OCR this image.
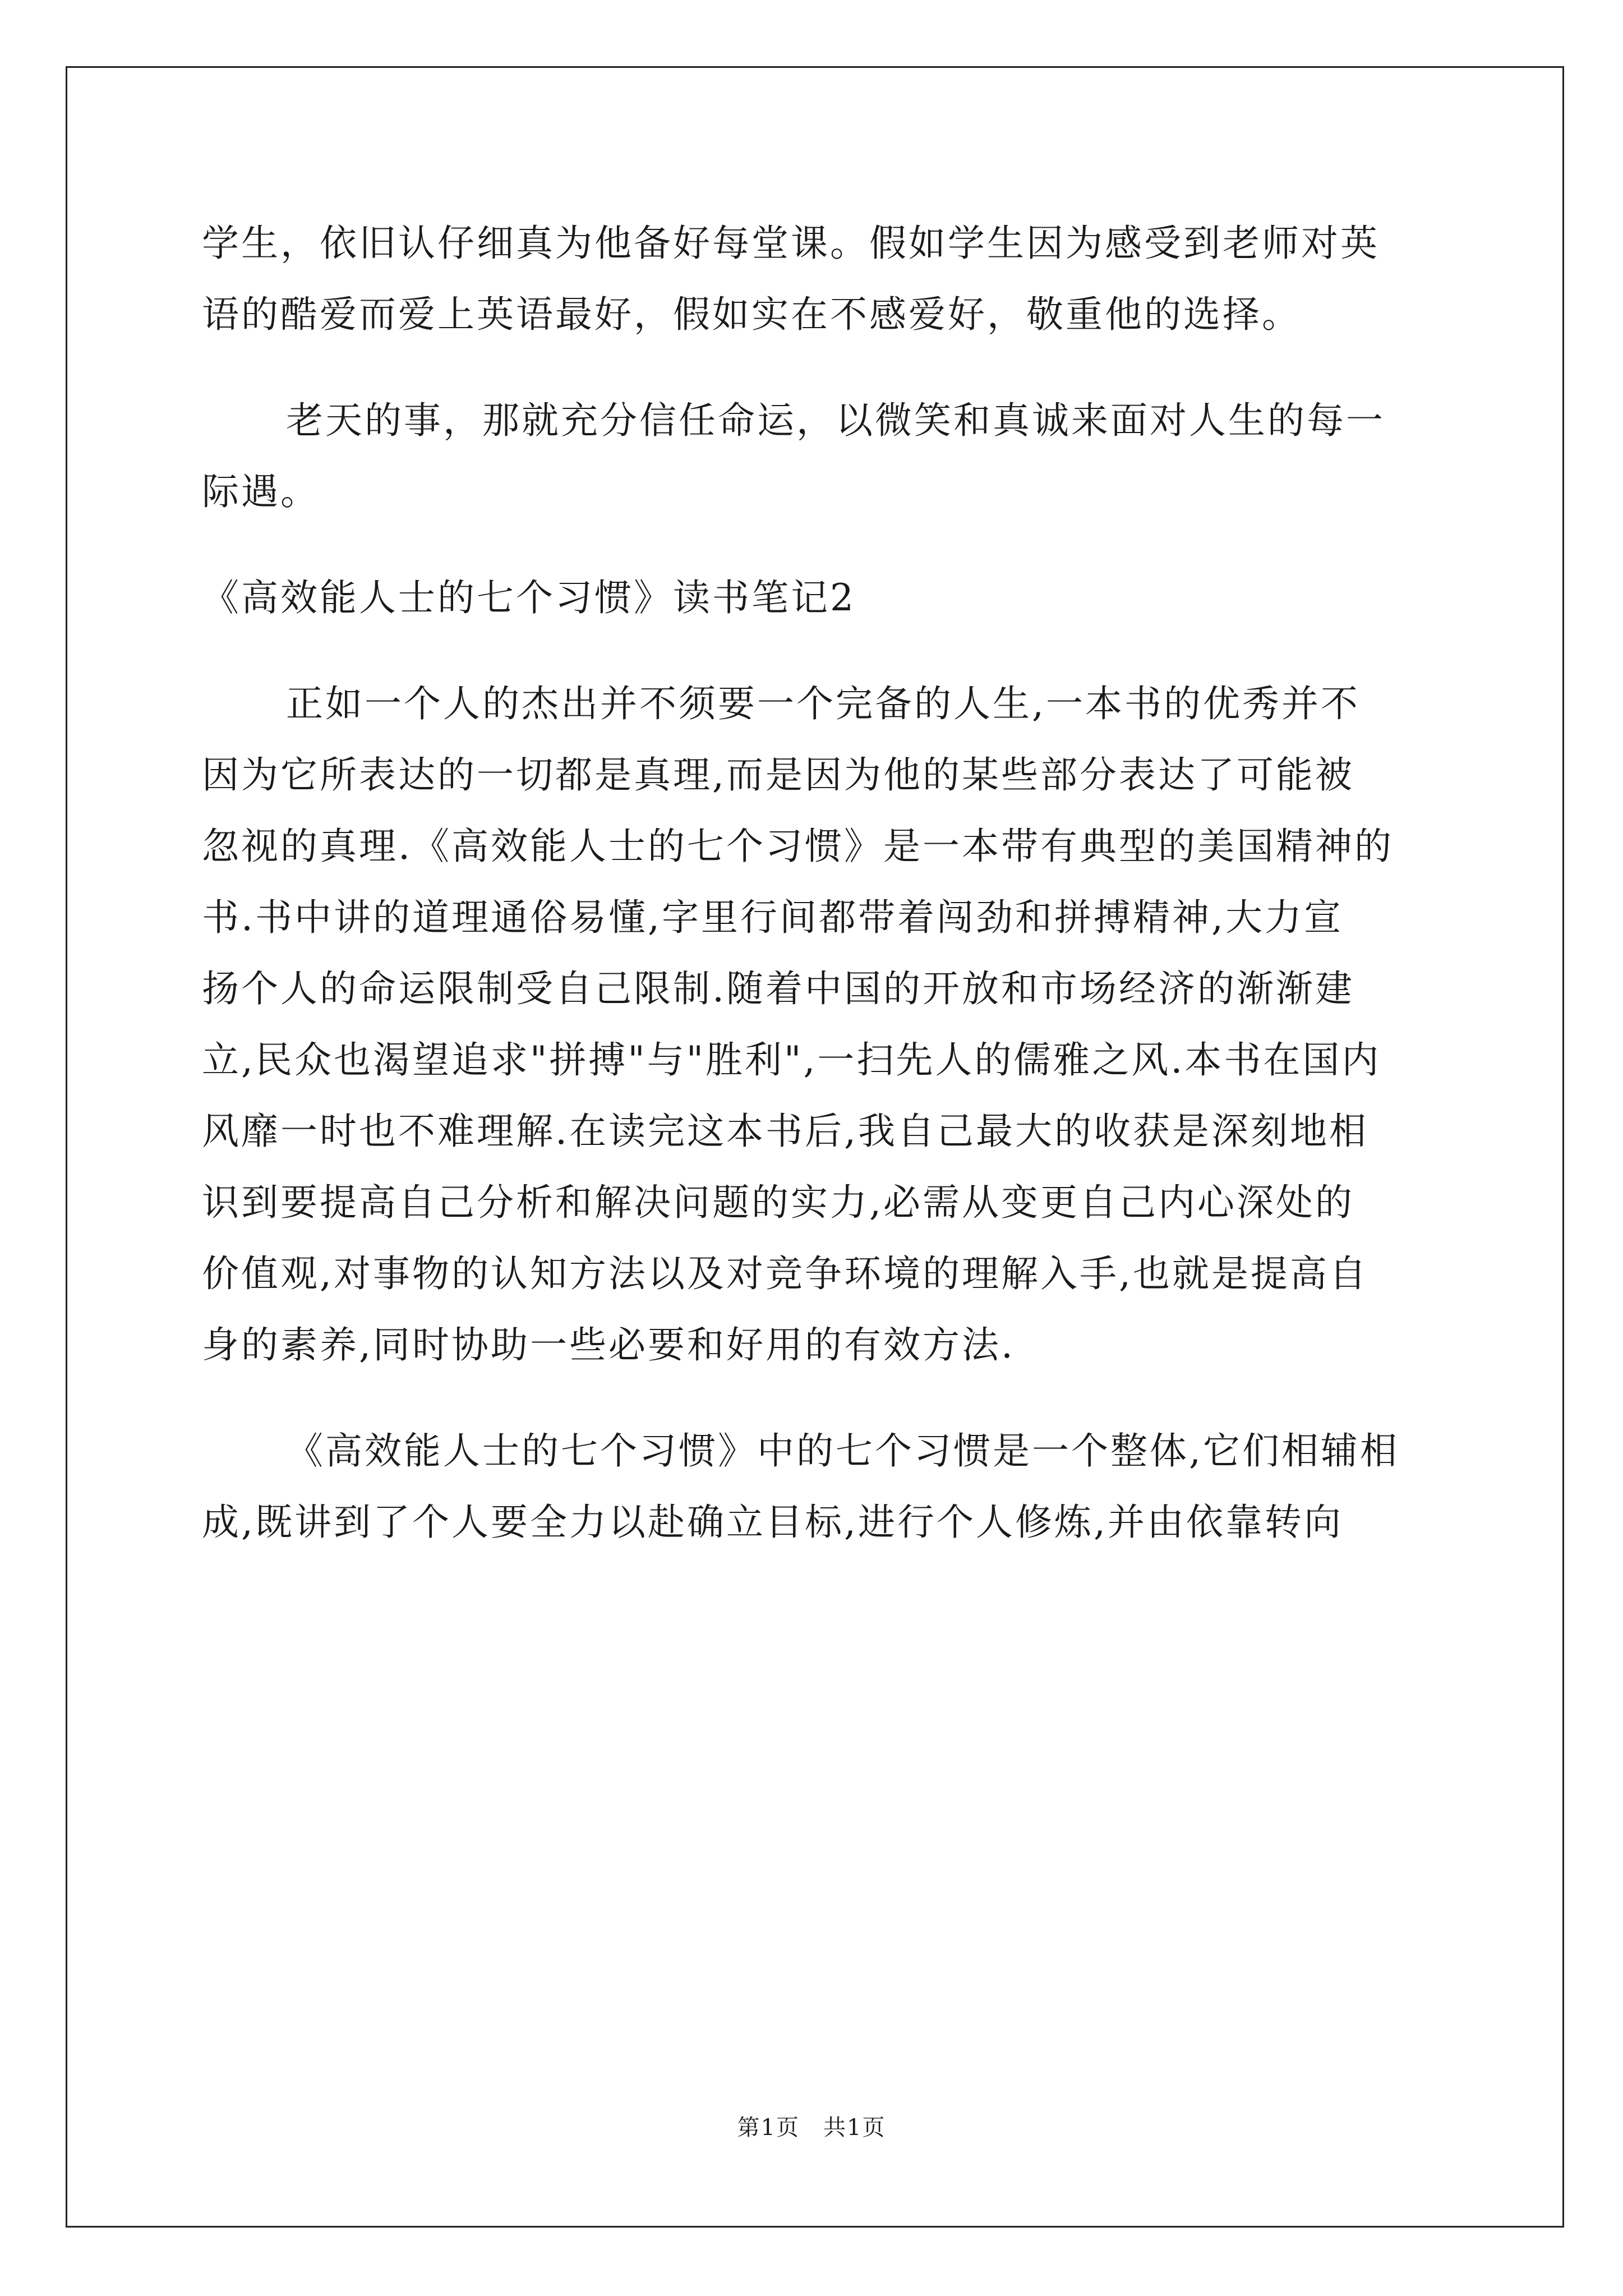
学生，依旧认仔细真为他备好每堂课。假如学生因为感受到老师对英
语的酷爱而爱上英语最好，假如实在不感爱好，敬重他的选择。
老天的事，那就充分信任命运，以微笑和真诚来面对人生的每一
际遇。
《高效能人士的七个习惯》读书笔记2
正如一个人的杰出并不须要一个完备的人生,一本书的优秀并不
因为它所表达的一切都是真理,而是因为他的某些部分表达了可能被
忽视的真理.《高效能人士的七个习惯》是一本带有典型的美国精神的
书.书中讲的道理通俗易懂,字里行间都带着闯劲和拼搏精神,大力宣
扬个人的命运限制受自己限制.随着中国的开放和市场经济的渐渐建
立,民众也渴望追求"拼搏"与"胜利",一扫先人的儒雅之风.本书在国内
风靡一时也不难理解.在读完这本书后,我自己最大的收获是深刻地相
识到要提高自己分析和解决问题的实力,必需从变更自己内心深处的
价值观,对事物的认知方法以及对竞争环境的理解入手,也就是提高自
身的素养,同时协助一些必要和好用的有效方法.
《高效能人士的七个习惯》中的七个习惯是一个整体,它们相辅相
成,既讲到了个人要全力以赴确立目标,进行个人修炼,并由依靠转向
第1页　共1页
